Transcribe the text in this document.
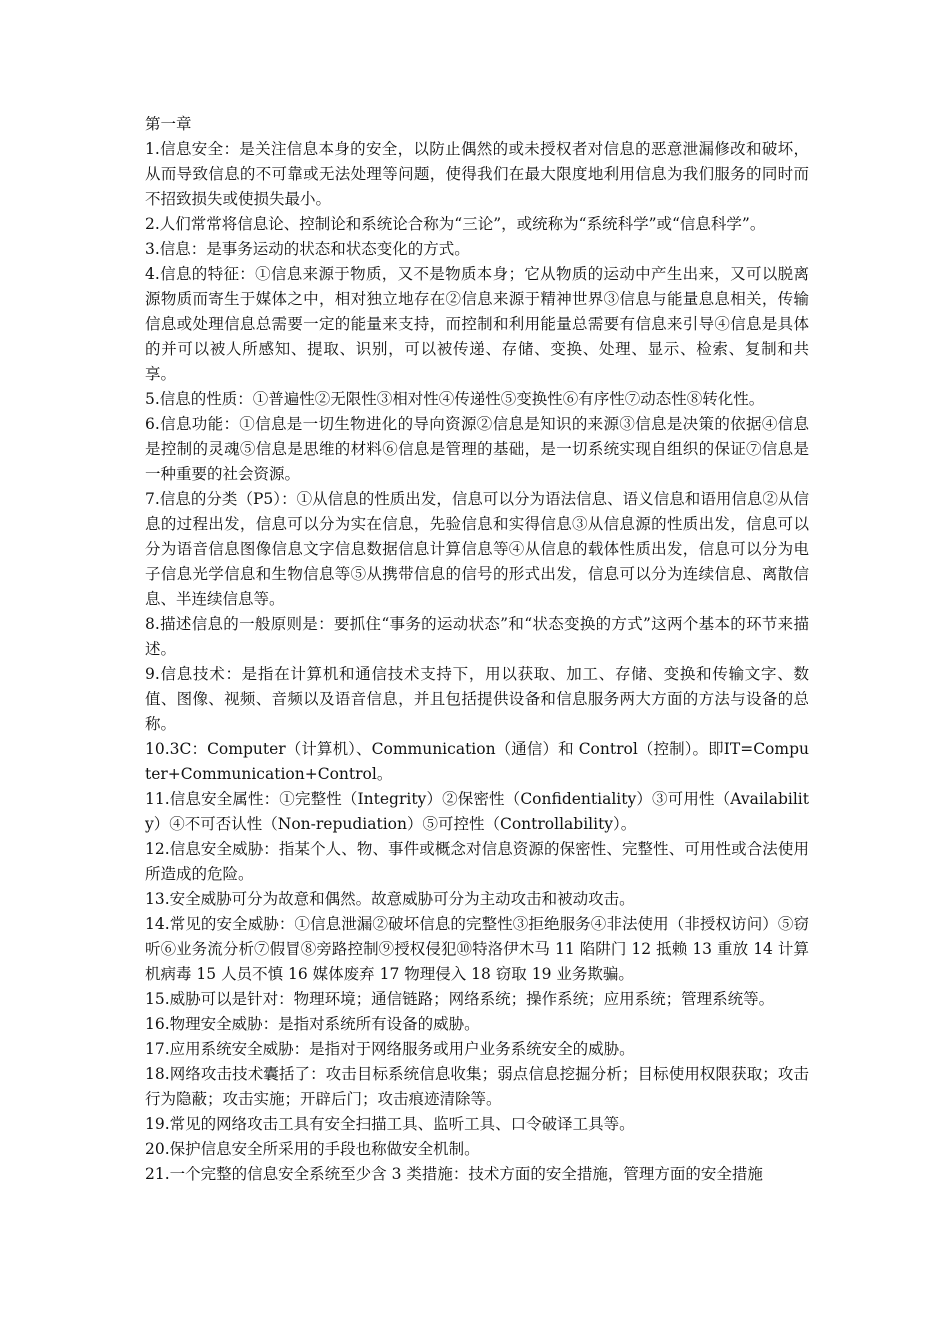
第一章
1.信息安全：是关注信息本身的安全，以防止偶然的或未授权者对信息的恶意泄漏修改和破坏，从而导致信息的不可靠或无法处理等问题，使得我们在最大限度地利用信息为我们服务的同时而不招致损失或使损失最小。
2.人们常常将信息论、控制论和系统论合称为“三论”，或统称为“系统科学”或“信息科学”。
3.信息：是事务运动的状态和状态变化的方式。
4.信息的特征：①信息来源于物质，又不是物质本身；它从物质的运动中产生出来，又可以脱离源物质而寄生于媒体之中，相对独立地存在②信息来源于精神世界③信息与能量息息相关，传输信息或处理信息总需要一定的能量来支持，而控制和利用能量总需要有信息来引导④信息是具体的并可以被人所感知、提取、识别，可以被传递、存储、变换、处理、显示、检索、复制和共享。
5.信息的性质：①普遍性②无限性③相对性④传递性⑤变换性⑥有序性⑦动态性⑧转化性。
6.信息功能：①信息是一切生物进化的导向资源②信息是知识的来源③信息是决策的依据④信息是控制的灵魂⑤信息是思维的材料⑥信息是管理的基础，是一切系统实现自组织的保证⑦信息是一种重要的社会资源。
7.信息的分类（P5）：①从信息的性质出发，信息可以分为语法信息、语义信息和语用信息②从信息的过程出发，信息可以分为实在信息，先验信息和实得信息③从信息源的性质出发，信息可以分为语音信息图像信息文字信息数据信息计算信息等④从信息的载体性质出发，信息可以分为电子信息光学信息和生物信息等⑤从携带信息的信号的形式出发，信息可以分为连续信息、离散信息、半连续信息等。
8.描述信息的一般原则是：要抓住“事务的运动状态”和“状态变换的方式”这两个基本的环节来描述。
9.信息技术：是指在计算机和通信技术支持下，用以获取、加工、存储、变换和传输文字、数值、图像、视频、音频以及语音信息，并且包括提供设备和信息服务两大方面的方法与设备的总称。
10.3C：Computer（计算机）、Communication（通信）和 Control（控制）。即IT=Computer+Communication+Control。
11.信息安全属性：①完整性（Integrity）②保密性（Confidentiality）③可用性（Availability）④不可否认性（Non-repudiation）⑤可控性（Controllability）。
12.信息安全威胁：指某个人、物、事件或概念对信息资源的保密性、完整性、可用性或合法使用所造成的危险。
13.安全威胁可分为故意和偶然。故意威胁可分为主动攻击和被动攻击。
14.常见的安全威胁：①信息泄漏②破坏信息的完整性③拒绝服务④非法使用（非授权访问）⑤窃听⑥业务流分析⑦假冒⑧旁路控制⑨授权侵犯⑩特洛伊木马 11 陷阱门 12 抵赖 13 重放 14 计算机病毒 15 人员不慎 16 媒体废弃 17 物理侵入 18 窃取 19 业务欺骗。
15.威胁可以是针对：物理环境；通信链路；网络系统；操作系统；应用系统；管理系统等。
16.物理安全威胁：是指对系统所有设备的威胁。
17.应用系统安全威胁：是指对于网络服务或用户业务系统安全的威胁。
18.网络攻击技术囊括了：攻击目标系统信息收集；弱点信息挖掘分析；目标使用权限获取；攻击行为隐蔽；攻击实施；开辟后门；攻击痕迹清除等。
19.常见的网络攻击工具有安全扫描工具、监听工具、口令破译工具等。
20.保护信息安全所采用的手段也称做安全机制。
21.一个完整的信息安全系统至少含 3 类措施：技术方面的安全措施，管理方面的安全措施
